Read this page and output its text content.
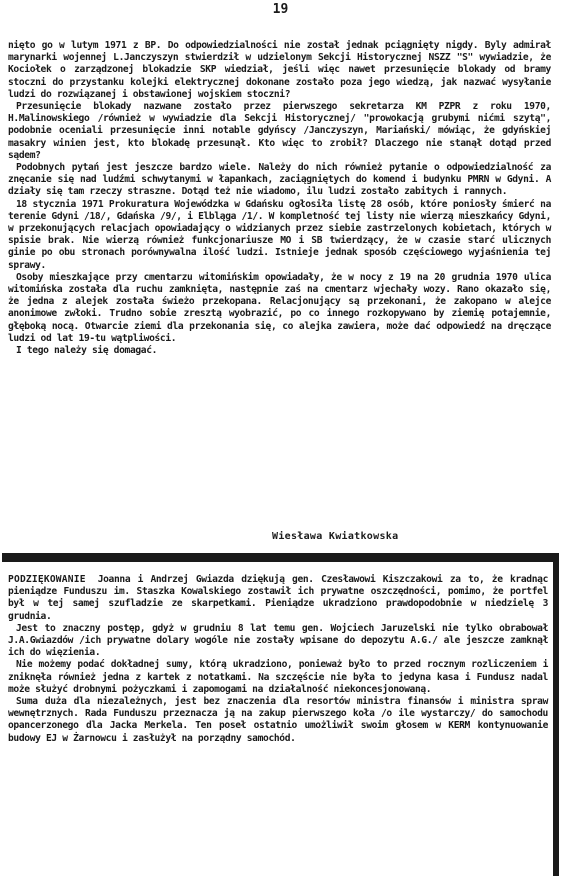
19

nięto go w lutym 1971 z BP. Do odpowiedzialności nie został jednak pciągnięty nigdy. Byly admirał marynarki wojennej L.Janczyszyn stwierdził w udzielonym Sekcji Historycznej NSZZ "S" wywiadzie, że Kociołek o zarządzonej blokadzie SKP wiedział, jeśli więc nawet przesunięcie blokady od bramy stoczni do przystanku kolejki elektrycznej dokonane zostało poza jego wiedzą, jak nazwać wysyłanie ludzi do rozwiązanej i obstawionej wojskiem stoczni?

Przesunięcie blokady nazwane zostało przez pierwszego sekretarza KM PZPR z roku 1970, H.Malinowskiego /również w wywiadzie dla Sekcji Historycznej/ "prowokacją grubymi nićmi szytą", podobnie oceniali przesunięcie inni notable gdyńscy /Janczyszyn, Mariański/ mówiąc, że gdyńskiej masakry winien jest, kto blokadę przesunął. Kto więc to zrobił? Dlaczego nie stanął dotąd przed sądem?

Podobnych pytań jest jeszcze bardzo wiele. Należy do nich również pytanie o odpowiedzialność za znęcanie się nad ludźmi schwytanymi w łapankach, zaciągniętych do komend i budynku PMRN w Gdyni. A działy się tam rzeczy straszne. Dotąd też nie wiadomo, ilu ludzi zostało zabitych i rannych.

18 stycznia 1971 Prokuratura Wojewódzka w Gdańsku ogłosiła listę 28 osób, które poniosły śmierć na terenie Gdyni /18/, Gdańska /9/, i Elbląga /1/. W kompletność tej listy nie wierzą mieszkańcy Gdyni, w przekonujących relacjach opowiadający o widzianych przez siebie zastrzelonych kobietach, których w spisie brak. Nie wierzą również funkcjonariusze MO i SB twierdzący, że w czasie starć ulicznych ginie po obu stronach porównywalna ilość ludzi. Istnieje jednak sposób częściowego wyjaśnienia tej sprawy.

Osoby mieszkające przy cmentarzu witomińskim opowiadały, że w nocy z 19 na 20 grudnia 1970 ulica witomińska została dla ruchu zamknięta, następnie zaś na cmentarz wjechały wozy. Rano okazało się, że jedna z alejek została świeżo przekopana. Relacjonujący są przekonani, że zakopano w alejce anonimowe zwłoki. Trudno sobie zresztą wyobrazić, po co innego rozkopywano by ziemię potajemnie, głęboką nocą. Otwarcie ziemi dla przekonania się, co alejka zawiera, może dać odpowiedź na dręczące ludzi od lat 19-tu wątpliwości.

I tego należy się domagać.

Wiesława Kwiatkowska

PODZIĘKOWANIE Joanna i Andrzej Gwiazda dziękują gen. Czesławowi Kiszczakowi za to, że kradnąc pieniądze Funduszu im. Staszka Kowalskiego zostawił ich prywatne oszczędności, pomimo, że portfel był w tej samej szufladzie ze skarpetkami. Pieniądze ukradziono prawdopodobnie w niedzielę 3 grudnia.

Jest to znaczny postęp, gdyż w grudniu 8 lat temu gen. Wojciech Jaruzelski nie tylko obrabował J.A.Gwiazdów /ich prywatne dolary wogóle nie zostały wpisane do depozytu A.G./ ale jeszcze zamknął ich do więzienia.

Nie możemy podać dokładnej sumy, którą ukradziono, ponieważ było to przed rocznym rozliczeniem i zniknęła również jedna z kartek z notatkami. Na szczęście nie była to jedyna kasa i Fundusz nadal może służyć drobnymi pożyczkami i zapomogami na działalność niekoncesjonowaną.

Suma duża dla niezależnych, jest bez znaczenia dla resortów ministra finansów i ministra spraw wewnętrznych. Rada Funduszu przeznacza ją na zakup pierwszego koła /o ile wystarczy/ do samochodu opancerzonego dla Jacka Merkela. Ten poseł ostatnio umożliwił swoim głosem w KERM kontynuowanie budowy EJ w Żarnowcu i zasłużył na porządny samochód.
